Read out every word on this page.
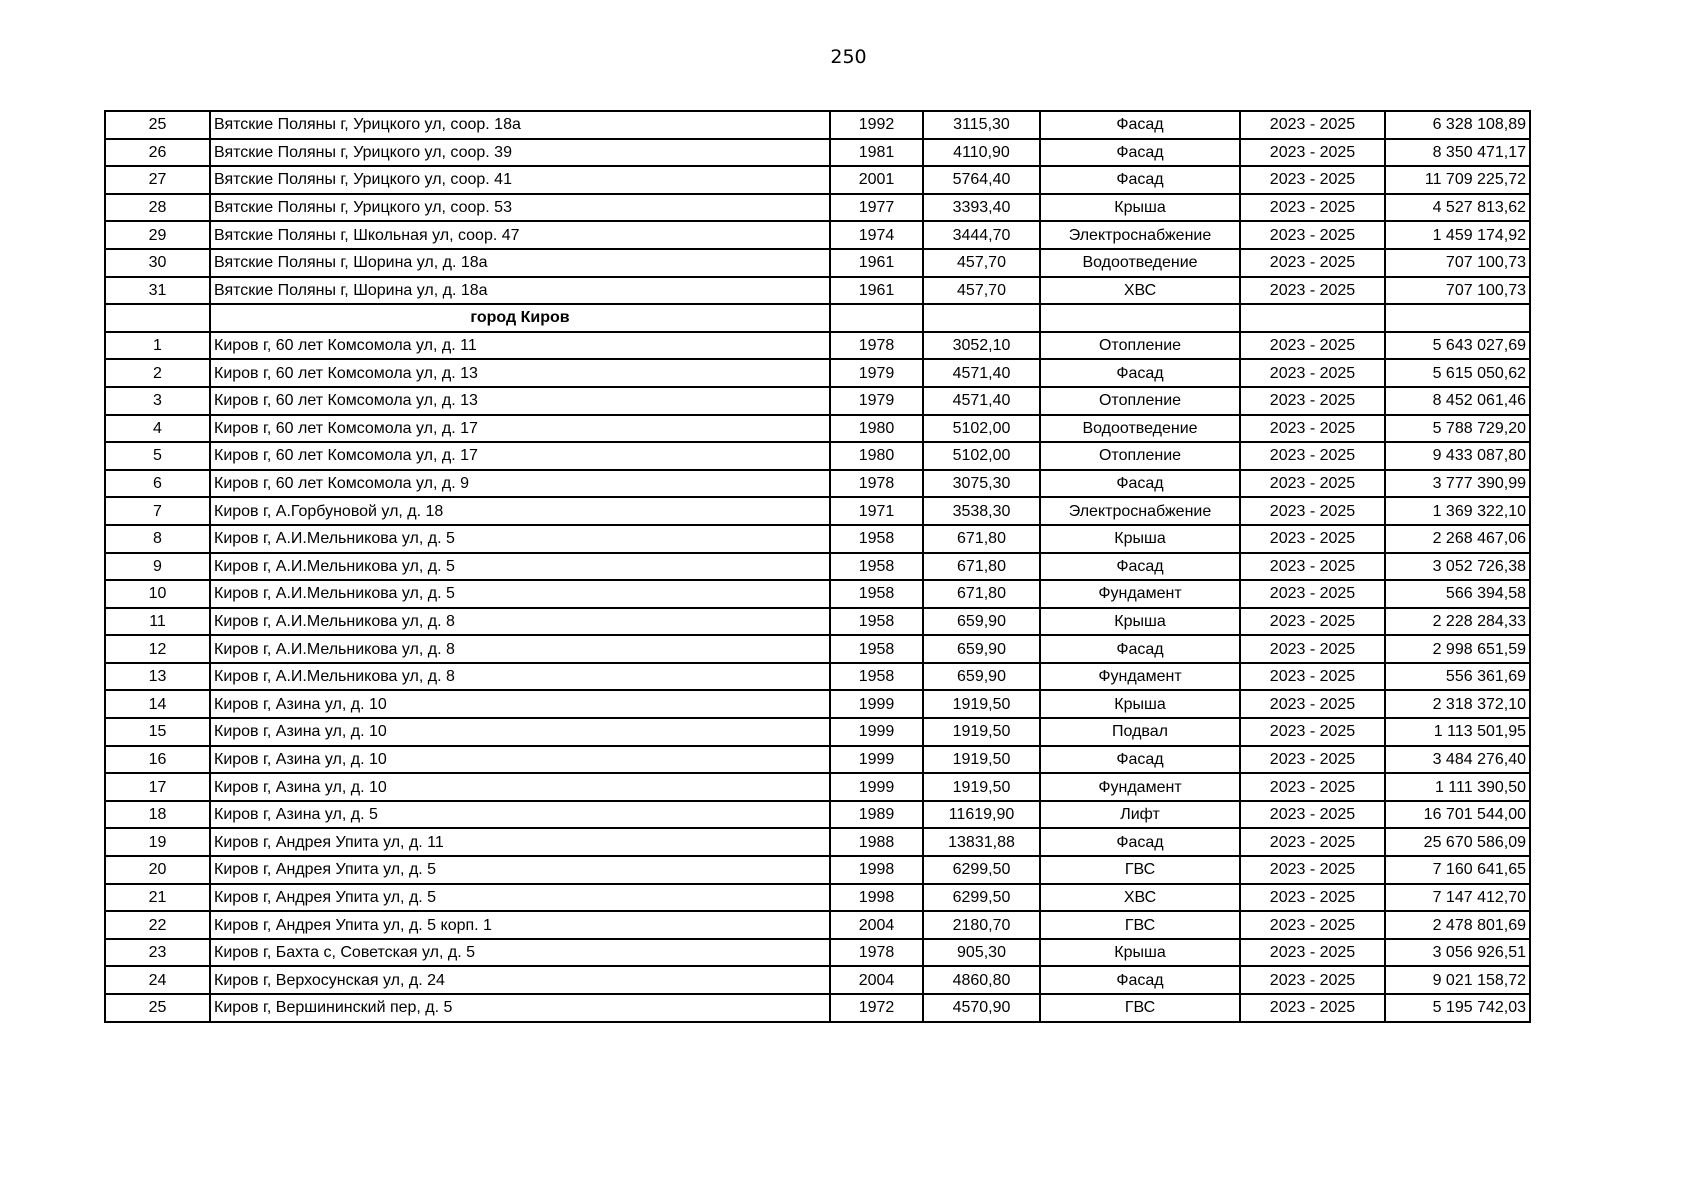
250
25	Вятские Поляны г, Урицкого ул, соор. 18а	1992	3115,30	Фасад	2023 - 2025	6 328 108,89
26	Вятские Поляны г, Урицкого ул, соор. 39	1981	4110,90	Фасад	2023 - 2025	8 350 471,17
27	Вятские Поляны г, Урицкого ул, соор. 41	2001	5764,40	Фасад	2023 - 2025	11 709 225,72
28	Вятские Поляны г, Урицкого ул, соор. 53	1977	3393,40	Крыша	2023 - 2025	4 527 813,62
29	Вятские Поляны г, Школьная ул, соор. 47	1974	3444,70	Электроснабжение	2023 - 2025	1 459 174,92
30	Вятские Поляны г, Шорина ул, д. 18а	1961	457,70	Водоотведение	2023 - 2025	707 100,73
31	Вятские Поляны г, Шорина ул, д. 18а	1961	457,70	ХВС	2023 - 2025	707 100,73
	город Киров					
1	Киров г, 60 лет Комсомола ул, д. 11	1978	3052,10	Отопление	2023 - 2025	5 643 027,69
2	Киров г, 60 лет Комсомола ул, д. 13	1979	4571,40	Фасад	2023 - 2025	5 615 050,62
3	Киров г, 60 лет Комсомола ул, д. 13	1979	4571,40	Отопление	2023 - 2025	8 452 061,46
4	Киров г, 60 лет Комсомола ул, д. 17	1980	5102,00	Водоотведение	2023 - 2025	5 788 729,20
5	Киров г, 60 лет Комсомола ул, д. 17	1980	5102,00	Отопление	2023 - 2025	9 433 087,80
6	Киров г, 60 лет Комсомола ул, д. 9	1978	3075,30	Фасад	2023 - 2025	3 777 390,99
7	Киров г, А.Горбуновой ул, д. 18	1971	3538,30	Электроснабжение	2023 - 2025	1 369 322,10
8	Киров г, А.И.Мельникова ул, д. 5	1958	671,80	Крыша	2023 - 2025	2 268 467,06
9	Киров г, А.И.Мельникова ул, д. 5	1958	671,80	Фасад	2023 - 2025	3 052 726,38
10	Киров г, А.И.Мельникова ул, д. 5	1958	671,80	Фундамент	2023 - 2025	566 394,58
11	Киров г, А.И.Мельникова ул, д. 8	1958	659,90	Крыша	2023 - 2025	2 228 284,33
12	Киров г, А.И.Мельникова ул, д. 8	1958	659,90	Фасад	2023 - 2025	2 998 651,59
13	Киров г, А.И.Мельникова ул, д. 8	1958	659,90	Фундамент	2023 - 2025	556 361,69
14	Киров г, Азина ул, д. 10	1999	1919,50	Крыша	2023 - 2025	2 318 372,10
15	Киров г, Азина ул, д. 10	1999	1919,50	Подвал	2023 - 2025	1 113 501,95
16	Киров г, Азина ул, д. 10	1999	1919,50	Фасад	2023 - 2025	3 484 276,40
17	Киров г, Азина ул, д. 10	1999	1919,50	Фундамент	2023 - 2025	1 111 390,50
18	Киров г, Азина ул, д. 5	1989	11619,90	Лифт	2023 - 2025	16 701 544,00
19	Киров г, Андрея Упита ул, д. 11	1988	13831,88	Фасад	2023 - 2025	25 670 586,09
20	Киров г, Андрея Упита ул, д. 5	1998	6299,50	ГВС	2023 - 2025	7 160 641,65
21	Киров г, Андрея Упита ул, д. 5	1998	6299,50	ХВС	2023 - 2025	7 147 412,70
22	Киров г, Андрея Упита ул, д. 5 корп. 1	2004	2180,70	ГВС	2023 - 2025	2 478 801,69
23	Киров г, Бахта с, Советская ул, д. 5	1978	905,30	Крыша	2023 - 2025	3 056 926,51
24	Киров г, Верхосунская ул, д. 24	2004	4860,80	Фасад	2023 - 2025	9 021 158,72
25	Киров г, Вершининский пер, д. 5	1972	4570,90	ГВС	2023 - 2025	5 195 742,03
